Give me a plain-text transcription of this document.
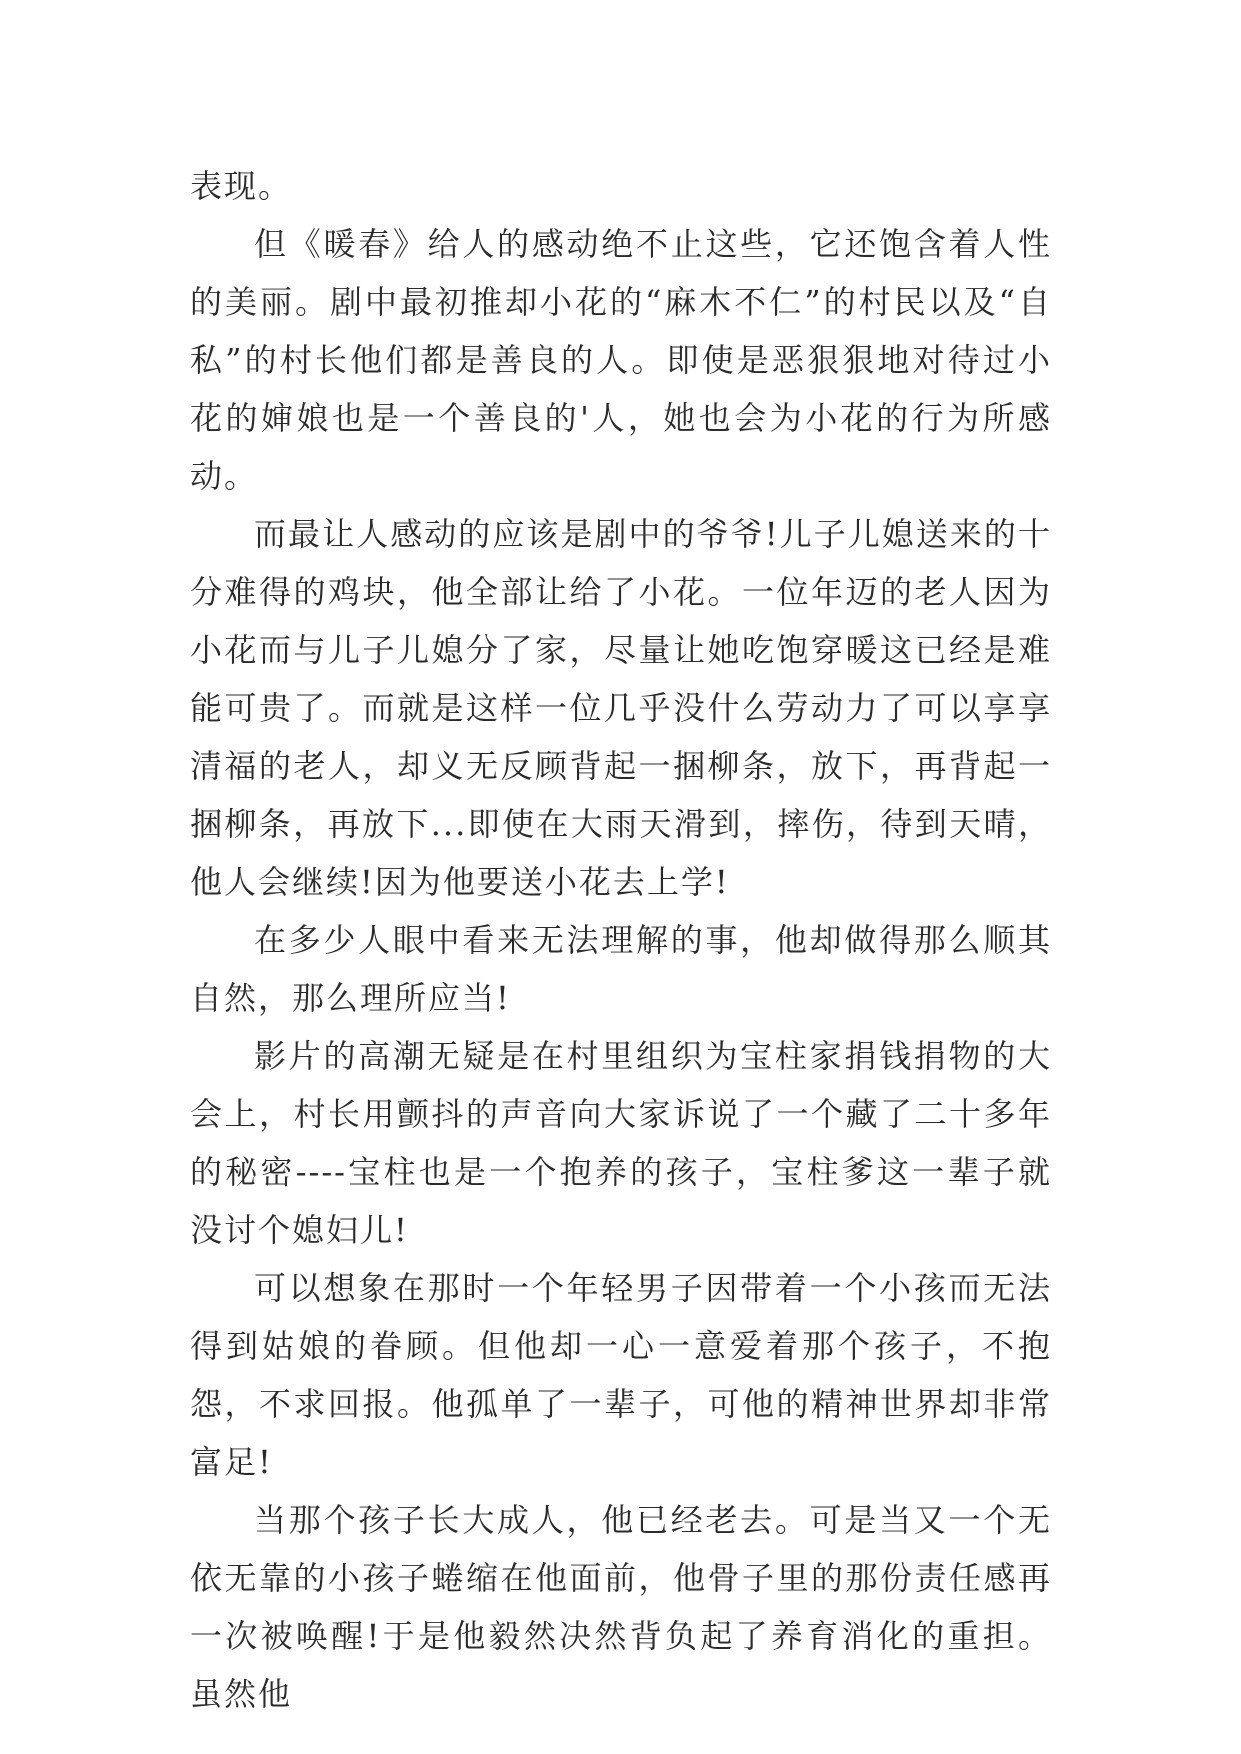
表现。

但《暖春》给人的感动绝不止这些，它还饱含着人性的美丽。剧中最初推却小花的“麻木不仁”的村民以及“自私”的村长他们都是善良的人。即使是恶狠狠地对待过小花的婶娘也是一个善良的'人，她也会为小花的行为所感动。

而最让人感动的应该是剧中的爷爷!儿子儿媳送来的十分难得的鸡块，他全部让给了小花。一位年迈的老人因为小花而与儿子儿媳分了家，尽量让她吃饱穿暖这已经是难能可贵了。而就是这样一位几乎没什么劳动力了可以享享清福的老人，却义无反顾背起一捆柳条，放下，再背起一捆柳条，再放下...即使在大雨天滑到，摔伤，待到天晴，他人会继续!因为他要送小花去上学!

在多少人眼中看来无法理解的事，他却做得那么顺其自然，那么理所应当!

影片的高潮无疑是在村里组织为宝柱家捐钱捐物的大会上，村长用颤抖的声音向大家诉说了一个藏了二十多年的秘密----宝柱也是一个抱养的孩子，宝柱爹这一辈子就没讨个媳妇儿!

可以想象在那时一个年轻男子因带着一个小孩而无法得到姑娘的眷顾。但他却一心一意爱着那个孩子，不抱怨，不求回报。他孤单了一辈子，可他的精神世界却非常富足!

当那个孩子长大成人，他已经老去。可是当又一个无依无靠的小孩子蜷缩在他面前，他骨子里的那份责任感再一次被唤醒!于是他毅然决然背负起了养育消化的重担。虽然他
